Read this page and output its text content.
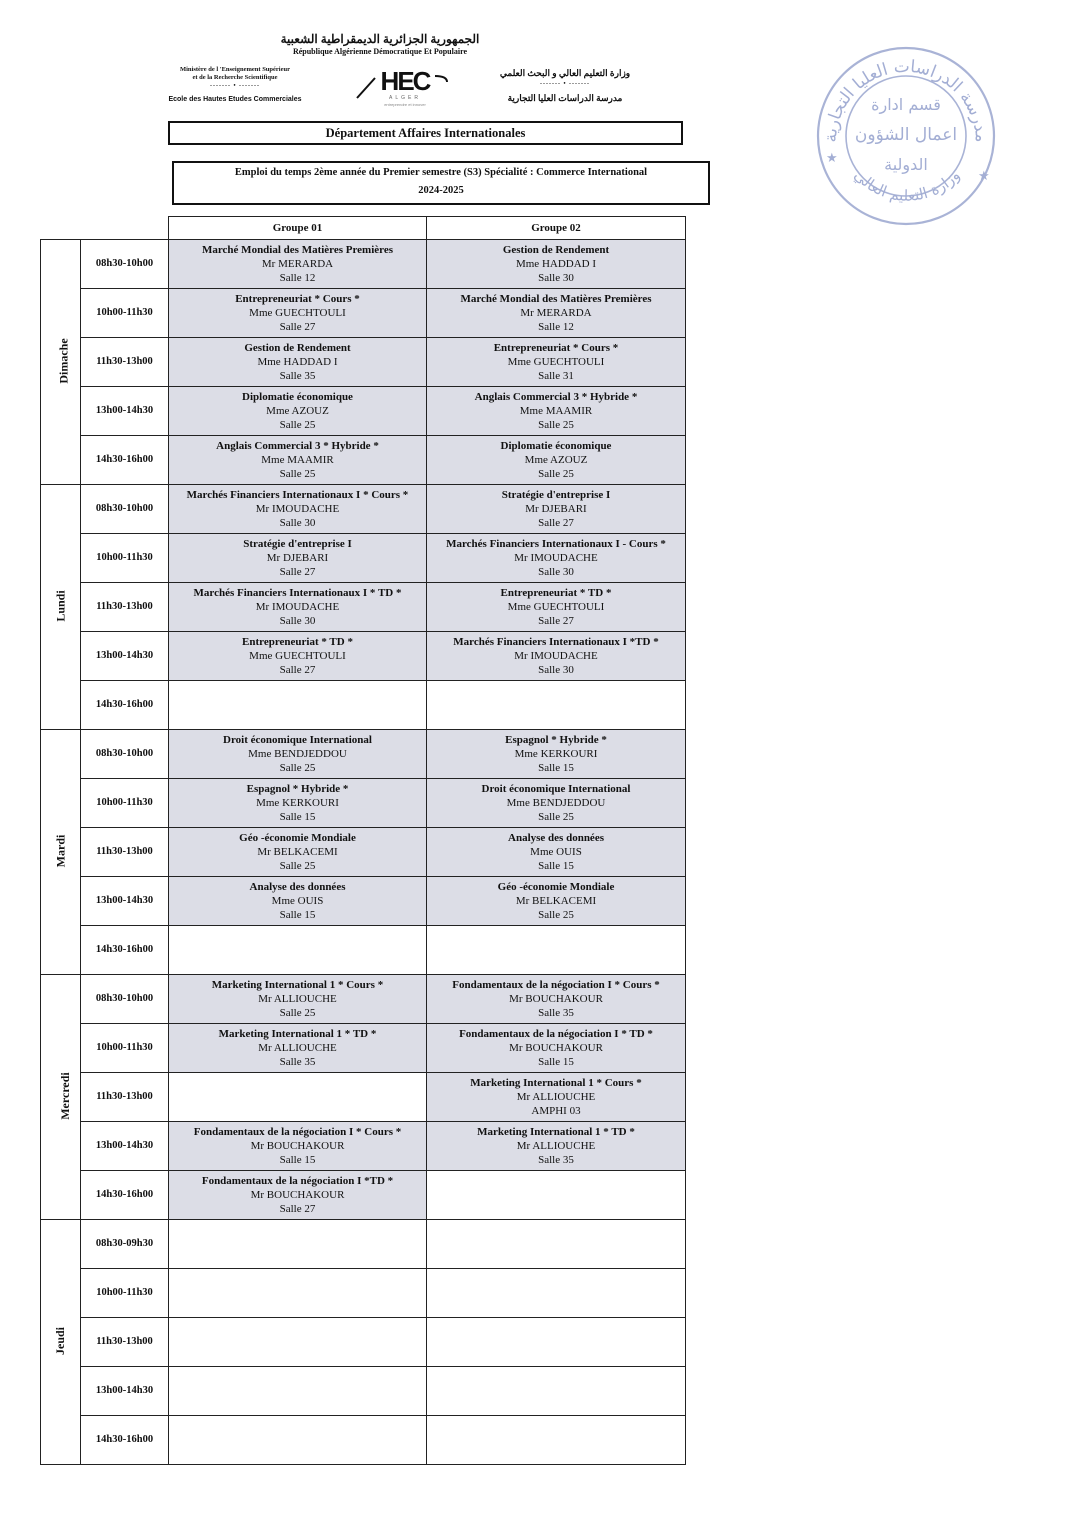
الجمهورية الجزائرية الديمقراطية الشعبية
République Algérienne Démocratique Et Populaire
Ministère de l 'Enseignement Supérieur
et de la Recherche Scientifique
------- • -------
Ecole des Hautes Etudes Commerciales
وزارة التعليم العالي و البحث العلمي
------- • -------
مدرسة الدراسات العليا التجارية
HEC
ALGER
entreprendre et innover
مدرسة الدراسات العليا التجارية
وزارة التعليم العالي
★
★
قسم ادارة
اعمال الشؤون
الدولية
Département Affaires Internationales
Emploi du temps 2ème année du Premier semestre (S3) Spécialité : Commerce International
2024-2025
		Groupe 01	Groupe 02
Dimache	08h30-10h00	Marché Mondial des Matières Premières
Mr MERARDA
Salle 12	Gestion de Rendement
Mme HADDAD I
Salle 30

	10h00-11h30	Entrepreneuriat * Cours *
Mme GUECHTOULI
Salle 27	Marché Mondial des Matières Premières
Mr MERARDA
Salle 12

	11h30-13h00	Gestion de Rendement
Mme HADDAD I
Salle 35	Entrepreneuriat * Cours *
Mme GUECHTOULI
Salle 31

	13h00-14h30	Diplomatie économique
Mme AZOUZ
Salle 25	Anglais Commercial 3 * Hybride *
Mme MAAMIR
Salle 25

	14h30-16h00	Anglais Commercial 3 * Hybride *
Mme MAAMIR
Salle 25	Diplomatie économique
Mme AZOUZ
Salle 25

Lundi	08h30-10h00	Marchés Financiers Internationaux I * Cours *
Mr IMOUDACHE
Salle 30	Stratégie d'entreprise I
Mr DJEBARI
Salle 27

	10h00-11h30	Stratégie d'entreprise I
Mr DJEBARI
Salle 27	Marchés Financiers Internationaux I - Cours *
Mr IMOUDACHE
Salle 30

	11h30-13h00	Marchés Financiers Internationaux I * TD *
Mr IMOUDACHE
Salle 30	Entrepreneuriat * TD *
Mme GUECHTOULI
Salle 27

	13h00-14h30	Entrepreneuriat * TD *
Mme GUECHTOULI
Salle 27	Marchés Financiers Internationaux I *TD *
Mr IMOUDACHE
Salle 30

	14h30-16h00		
Mardi	08h30-10h00	Droit économique International
Mme BENDJEDDOU
Salle 25	Espagnol * Hybride *
Mme KERKOURI
Salle 15

	10h00-11h30	Espagnol * Hybride *
Mme KERKOURI
Salle 15	Droit économique International
Mme BENDJEDDOU
Salle 25

	11h30-13h00	Géo -économie Mondiale
Mr BELKACEMI
Salle 25	Analyse des données
Mme OUIS
Salle 15

	13h00-14h30	Analyse des données
Mme OUIS
Salle 15	Géo -économie Mondiale
Mr BELKACEMI
Salle 25

	14h30-16h00		
Mercredi	08h30-10h00	Marketing International 1 * Cours *
Mr ALLIOUCHE
Salle 25	Fondamentaux de la négociation I * Cours *
Mr BOUCHAKOUR
Salle 35

	10h00-11h30	Marketing International 1 * TD *
Mr ALLIOUCHE
Salle 35	Fondamentaux de la négociation I * TD *
Mr BOUCHAKOUR
Salle 15

	11h30-13h00		Marketing International 1 * Cours *
Mr ALLIOUCHE
AMPHI 03

	13h00-14h30	Fondamentaux de la négociation I * Cours *
Mr BOUCHAKOUR
Salle 15	Marketing International 1 * TD *
Mr ALLIOUCHE
Salle 35

	14h30-16h00	Fondamentaux de la négociation I *TD *
Mr BOUCHAKOUR
Salle 27	

Jeudi	08h30-09h30		
	10h00-11h30		
	11h30-13h00		
	13h00-14h30		
	14h30-16h00		
